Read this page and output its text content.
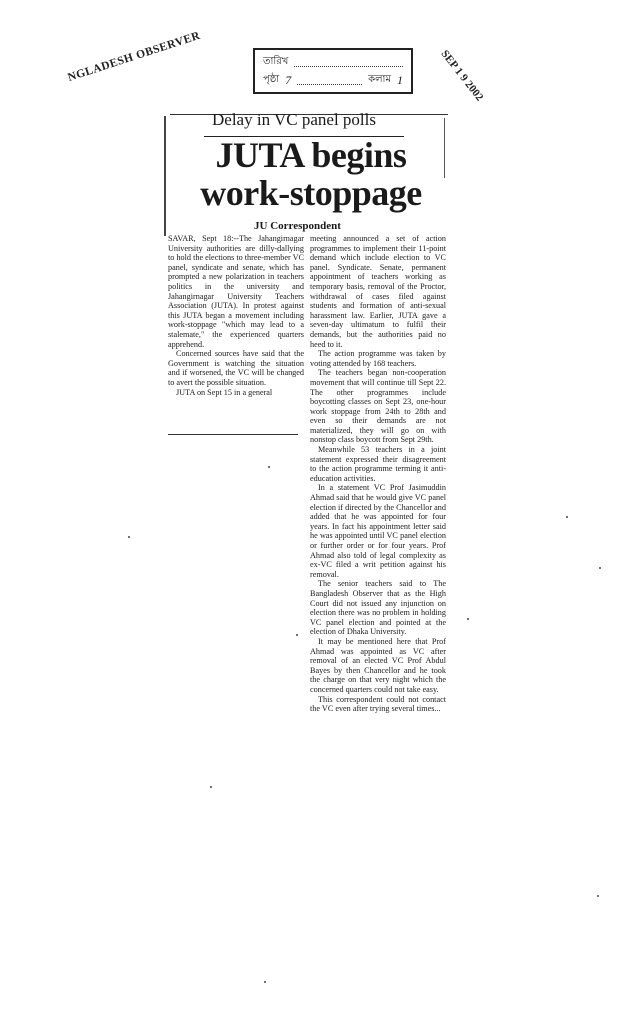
NGLADESH OBSERVER	SEP 1 9 2002
তারিখ
পৃষ্ঠা 7	কলাম 1
Delay in VC panel polls
JUTA begins
work-stoppage
JU Correspondent

SAVAR, Sept 18:--The Jahangirnagar University authorities are dilly-dallying to hold the elections to three-member VC panel, syndicate and senate, which has prompted a new polarization in teachers politics in the university and Jahangirnagar University Teachers Association (JUTA). In protest against this JUTA began a movement including work-stoppage "which may lead to a stalemate," the experienced quarters apprehend.

Concerned sources have said that the Government is watching the situation and if worsened, the VC will be changed to avert the possible situation.

JUTA on Sept 15 in a general

meeting announced a set of action programmes to implement their 11-point demand which include election to VC panel. Syndicate. Senate, permanent appointment of teachers working as temporary basis, removal of the Proctor, withdrawal of cases filed against students and formation of anti-sexual harassment law. Earlier, JUTA gave a seven-day ultimatum to fulfil their demands, but the authorities paid no heed to it.

The action programme was taken by voting attended by 168 teachers.

The teachers began non-cooperation movement that will continue till Sept 22. The other programmes include boycotting classes on Sept 23, one-hour work stoppage from 24th to 28th and even so their demands are not materialized, they will go on with nonstop class boycott from Sept 29th.

Meanwhile 53 teachers in a joint statement expressed their disagreement to the action programme terming it anti-education activities.

In a statement VC Prof Jasimuddin Ahmad said that he would give VC panel election if directed by the Chancellor and added that he was appointed for four years. In fact his appointment letter said he was appointed until VC panel election or further order or for four years. Prof Ahmad also told of legal complexity as ex-VC filed a writ petition against his removal.

The senior teachers said to The Bangladesh Observer that as the High Court did not issued any injunction on election there was no problem in holding VC panel election and pointed at the election of Dhaka University.

It may be mentioned here that Prof Ahmad was appointed as VC after removal of an elected VC Prof Abdul Bayes by then Chancellor and he took the charge on that very night which the concerned quarters could not take easy.

This correspondent could not contact the VC even after trying several times...
